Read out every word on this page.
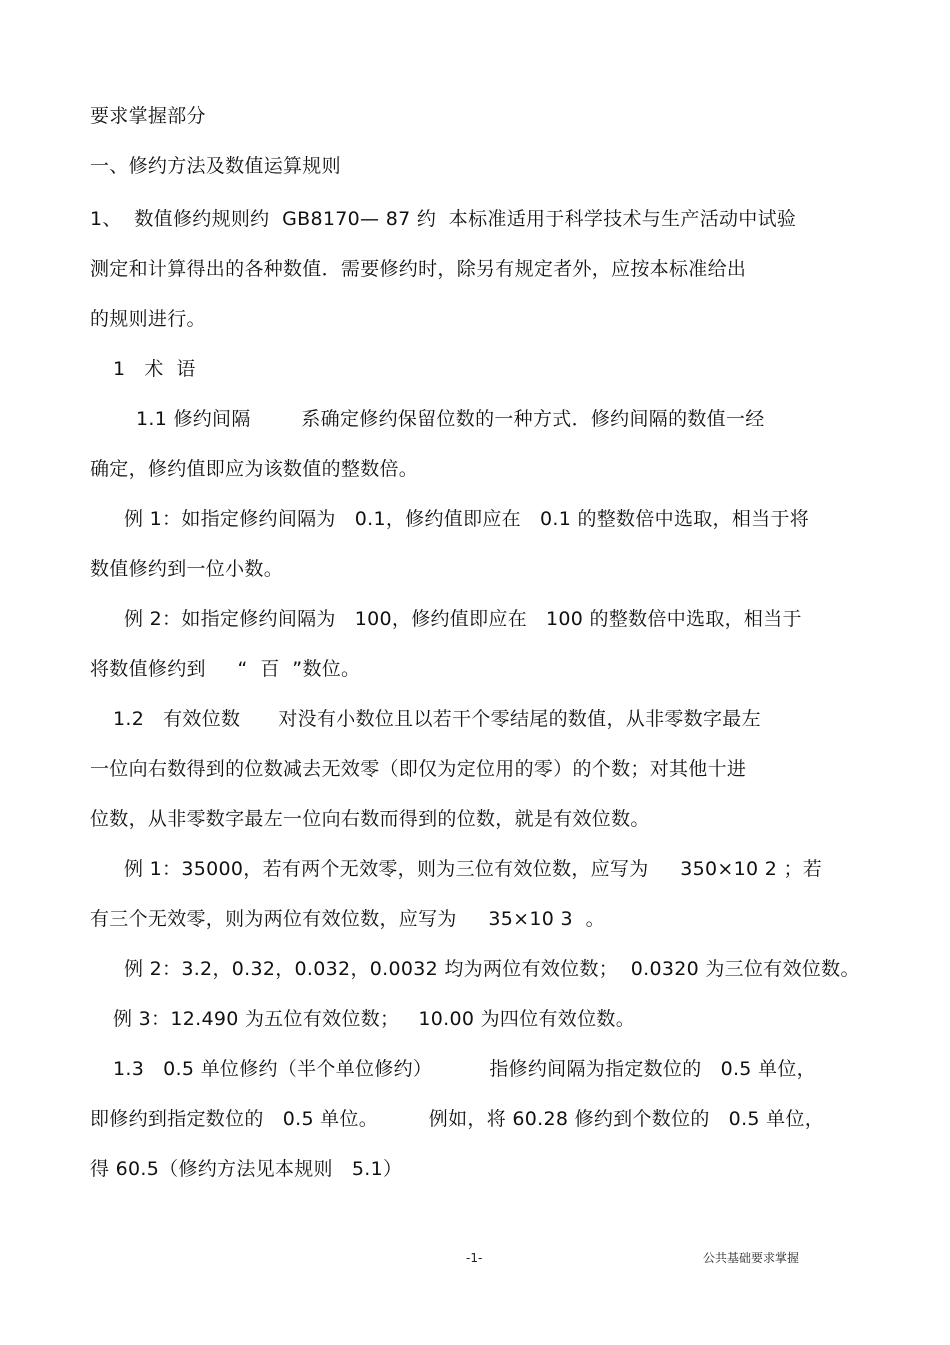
要求掌握部分
一、修约方法及数值运算规则
1、  数值修约规则约  GB8170— 87 约  本标准适用于科学技术与生产活动中试验
测定和计算得出的各种数值．需要修约时，除另有规定者外，应按本标准给出
的规则进行。
1   术  语
1.1 修约间隔        系确定修约保留位数的一种方式．修约间隔的数值一经
确定，修约值即应为该数值的整数倍。
例 1：如指定修约间隔为   0.1，修约值即应在   0.1 的整数倍中选取，相当于将
数值修约到一位小数。
例 2：如指定修约间隔为   100，修约值即应在   100 的整数倍中选取，相当于
将数值修约到     “  百  ”数位。
1.2   有效位数      对没有小数位且以若干个零结尾的数值，从非零数字最左
一位向右数得到的位数减去无效零（即仅为定位用的零）的个数；对其他十进
位数，从非零数字最左一位向右数而得到的位数，就是有效位数。
例 1：35000，若有两个无效零，则为三位有效位数，应写为     350×10 2 ；若
有三个无效零，则为两位有效位数，应写为     35×10 3  。
例 2：3.2，0.32，0.032，0.0032 均为两位有效位数；  0.0320 为三位有效位数。
例 3：12.490 为五位有效位数；   10.00 为四位有效位数。
1.3   0.5 单位修约（半个单位修约）         指修约间隔为指定数位的   0.5 单位，
即修约到指定数位的   0.5 单位。        例如，将 60.28 修约到个数位的   0.5 单位，
得 60.5（修约方法见本规则   5.1）
-1-	公共基础要求掌握
